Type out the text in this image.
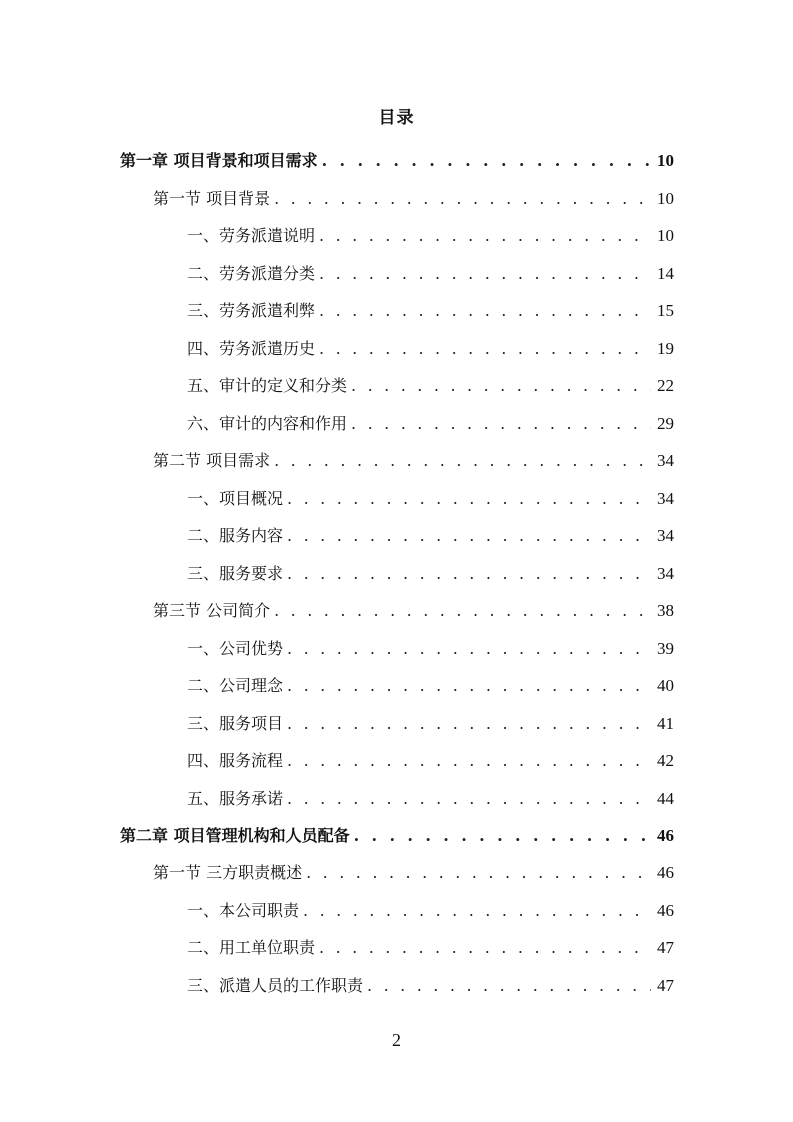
目录
第一章 项目背景和项目需求 . . .	10
第一节 项目背景 . . .	10
一、劳务派遣说明 . . .	10
二、劳务派遣分类 . . .	14
三、劳务派遣利弊 . . .	15
四、劳务派遣历史 . . .	19
五、审计的定义和分类 . . .	22
六、审计的内容和作用 . . .	29
第二节 项目需求 . . .	34
一、项目概况 . . .	34
二、服务内容 . . .	34
三、服务要求 . . .	34
第三节 公司简介 . . .	38
一、公司优势 . . .	39
二、公司理念 . . .	40
三、服务项目 . . .	41
四、服务流程 . . .	42
五、服务承诺 . . .	44
第二章 项目管理机构和人员配备 . . .	46
第一节 三方职责概述 . . .	46
一、本公司职责 . . .	46
二、用工单位职责 . . .	47
三、派遣人员的工作职责 . . .	47
2
